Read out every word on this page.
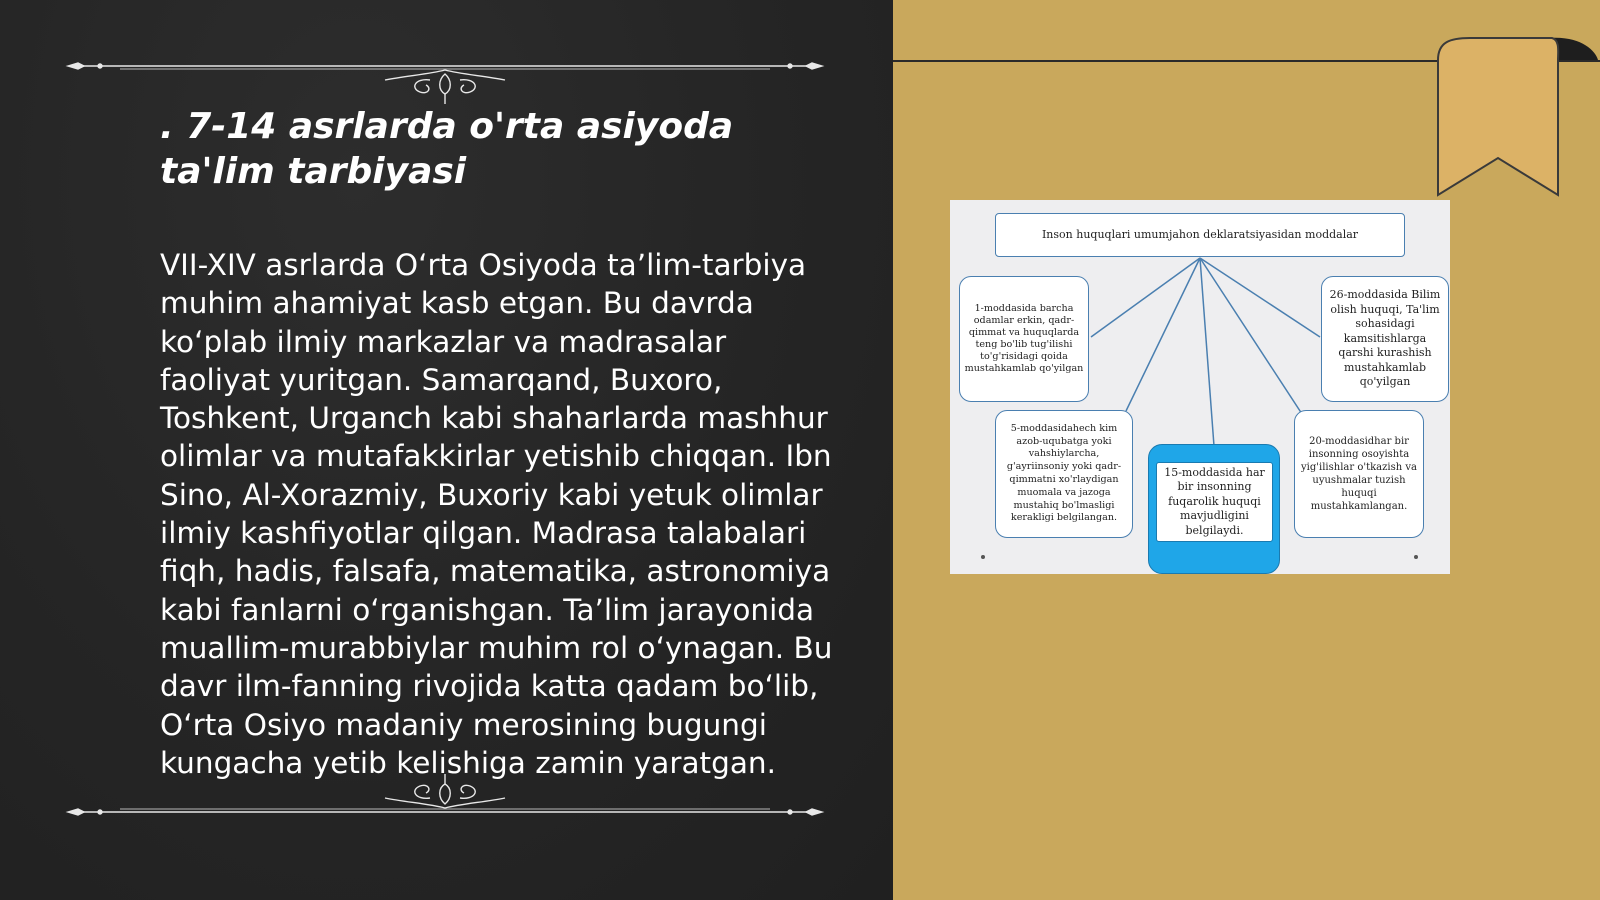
. 7-14 asrlarda o'rta asiyoda ta'lim tarbiyasi

VII-XIV asrlarda O‘rta Osiyoda ta’lim-tarbiya muhim ahamiyat kasb etgan. Bu davrda ko‘plab ilmiy markazlar va madrasalar faoliyat yuritgan. Samarqand, Buxoro, Toshkent, Urganch kabi shaharlarda mashhur olimlar va mutafakkirlar yetishib chiqqan. Ibn Sino, Al-Xorazmiy, Buxoriy kabi yetuk olimlar ilmiy kashfiyotlar qilgan. Madrasa talabalari fiqh, hadis, falsafa, matematika, astronomiya kabi fanlarni o‘rganishgan. Ta’lim jarayonida muallim-murabbiylar muhim rol o‘ynagan. Bu davr ilm-fanning rivojida katta qadam bo‘lib, O‘rta Osiyo madaniy merosining bugungi kungacha yetib kelishiga zamin yaratgan.

Inson huquqlari umumjahon deklaratsiyasidan moddalar
1-moddasida barcha odamlar erkin, qadr-qimmat va huquqlarda teng bo'lib tug'ilishi to'g'risidagi qoida mustahkamlab qo'yilgan
26-moddasida Bilim olish huquqi, Ta'lim sohasidagi kamsitishlarga qarshi kurashish mustahkamlab qo'yilgan
5-moddasidahech kim azob-uqubatga yoki vahshiylarcha, g'ayriinsoniy yoki qadr-qimmatni xo'rlaydigan muomala va jazoga mustahiq bo'lmasligi kerakligi belgilangan.
15-moddasida har bir insonning fuqarolik huquqi mavjudligini belgilaydi.
20-moddasidhar bir insonning osoyishta yig'ilishlar o'tkazish va uyushmalar tuzish huquqi mustahkamlangan.
